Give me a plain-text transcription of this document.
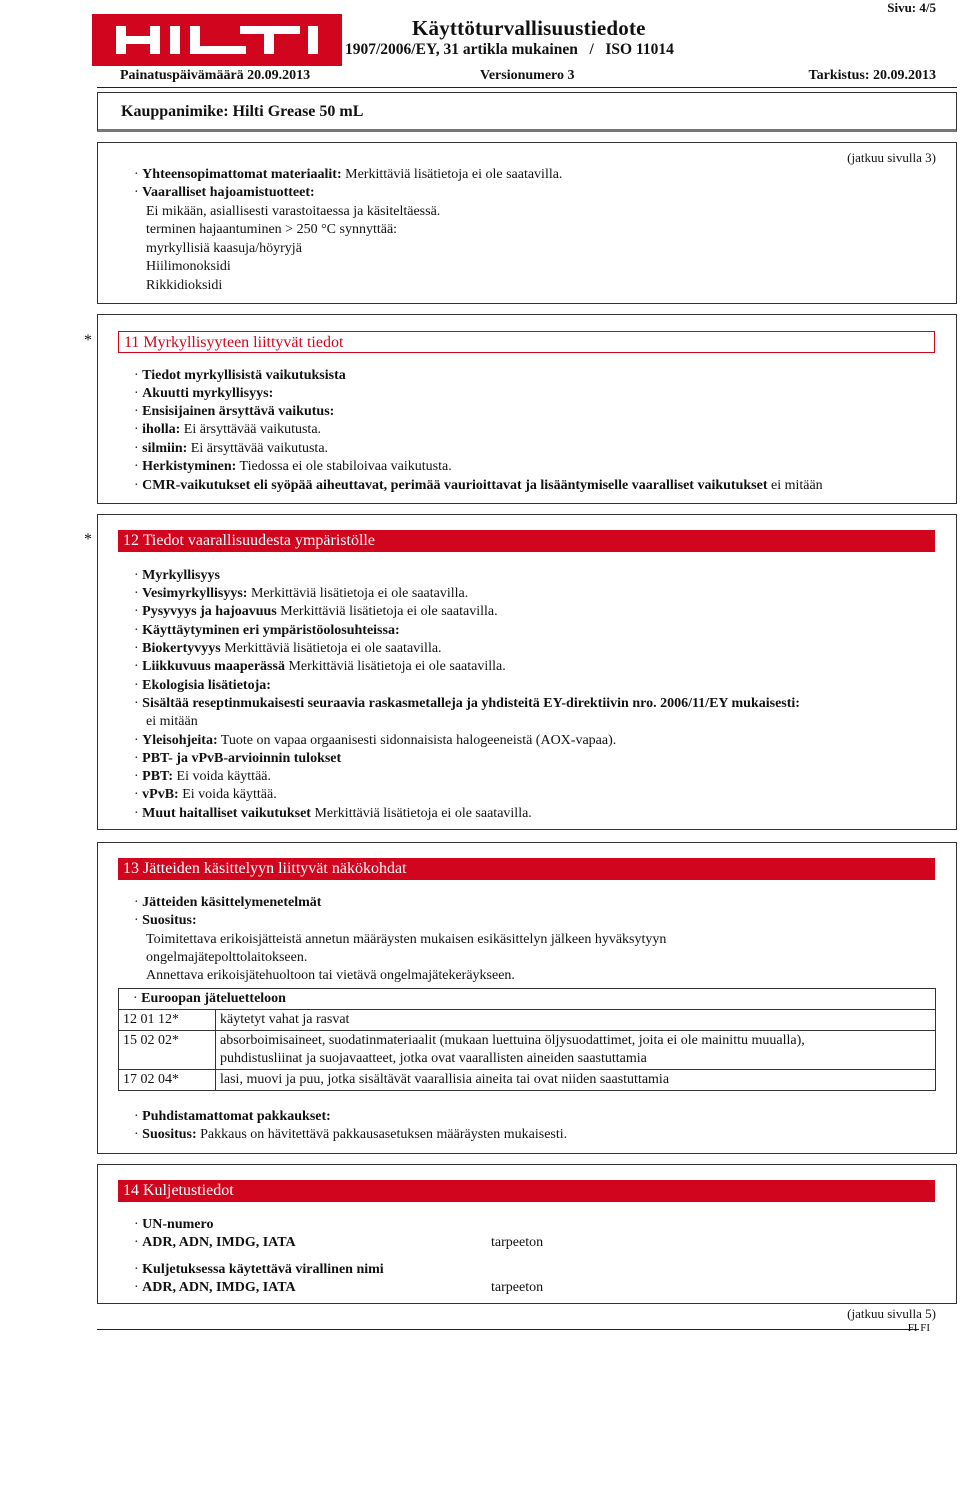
Sivu: 4/5
Käyttöturvallisuustiedote
1907/2006/EY, 31 artikla mukainen   /   ISO 11014
Painatuspäivämäärä 20.09.2013	Versionumero 3	Tarkistus: 20.09.2013
Kauppanimike: Hilti Grease 50 mL
(jatkuu sivulla 3)
· Yhteensopimattomat materiaalit: Merkittäviä lisätietoja ei ole saatavilla.
· Vaaralliset hajoamistuotteet:
Ei mikään, asiallisesti varastoitaessa ja käsiteltäessä.
terminen hajaantuminen > 250 °C synnyttää:
myrkyllisiä kaasuja/höyryjä
Hiilimonoksidi
Rikkidioksidi
*	11 Myrkyllisyyteen liittyvät tiedot
· Tiedot myrkyllisistä vaikutuksista
· Akuutti myrkyllisyys:
· Ensisijainen ärsyttävä vaikutus:
· iholla: Ei ärsyttävää vaikutusta.
· silmiin: Ei ärsyttävää vaikutusta.
· Herkistyminen: Tiedossa ei ole stabiloivaa vaikutusta.
· CMR-vaikutukset eli syöpää aiheuttavat, perimää vaurioittavat ja lisääntymiselle vaaralliset vaikutukset ei mitään
*	12 Tiedot vaarallisuudesta ympäristölle
· Myrkyllisyys
· Vesimyrkyllisyys: Merkittäviä lisätietoja ei ole saatavilla.
· Pysyvyys ja hajoavuus Merkittäviä lisätietoja ei ole saatavilla.
· Käyttäytyminen eri ympäristöolosuhteissa:
· Biokertyvyys Merkittäviä lisätietoja ei ole saatavilla.
· Liikkuvuus maaperässä Merkittäviä lisätietoja ei ole saatavilla.
· Ekologisia lisätietoja:
· Sisältää reseptinmukaisesti seuraavia raskasmetalleja ja yhdisteitä EY-direktiivin nro. 2006/11/EY mukaisesti:
ei mitään
· Yleisohjeita: Tuote on vapaa orgaanisesti sidonnaisista halogeeneistä (AOX-vapaa).
· PBT- ja vPvB-arvioinnin tulokset
· PBT: Ei voida käyttää.
· vPvB: Ei voida käyttää.
· Muut haitalliset vaikutukset Merkittäviä lisätietoja ei ole saatavilla.
13 Jätteiden käsittelyyn liittyvät näkökohdat
· Jätteiden käsittelymenetelmät
· Suositus:
Toimitettava erikoisjätteistä annetun määräysten mukaisen esikäsittelyn jälkeen hyväksytyyn
ongelmajätepolttolaitokseen.
Annettava erikoisjätehuoltoon tai vietävä ongelmajätekeräykseen.
· Euroopan jäteluetteloon	
12 01 12*	käytetyt vahat ja rasvat
15 02 02*	absorboimisaineet, suodatinmateriaalit (mukaan luettuina öljysuodattimet, joita ei ole mainittu muualla),
puhdistusliinat ja suojavaatteet, jotka ovat vaarallisten aineiden saastuttamia

17 02 04*	lasi, muovi ja puu, jotka sisältävät vaarallisia aineita tai ovat niiden saastuttamia
· Puhdistamattomat pakkaukset:
· Suositus: Pakkaus on hävitettävä pakkausasetuksen määräysten mukaisesti.
14 Kuljetustiedot
· UN-numero
· ADR, ADN, IMDG, IATA	tarpeeton
· Kuljetuksessa käytettävä virallinen nimi
· ADR, ADN, IMDG, IATA	tarpeeton
(jatkuu sivulla 5)
FI FI
